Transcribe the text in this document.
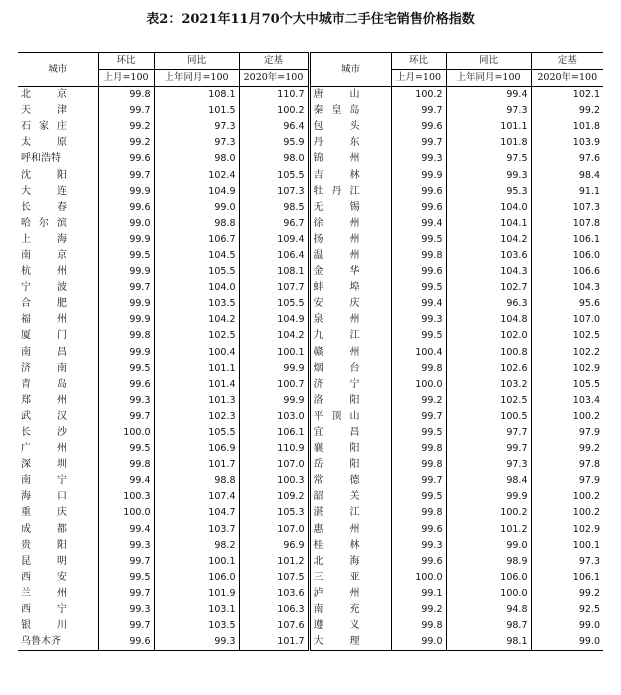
表2：2021年11月70个大中城市二手住宅销售价格指数
城市	环比	同比	定基	城市	环比	同比	定基
	上月=100	上年同月=100	2020年=100		上月=100	上年同月=100	2020年=100
北京	99.8	108.1	110.7	唐山	100.2	99.4	102.1
天津	99.7	101.5	100.2	秦皇岛	99.7	97.3	99.2
石家庄	99.2	97.3	96.4	包头	99.6	101.1	101.8
太原	99.2	97.3	95.9	丹东	99.7	101.8	103.9
呼和浩特	99.6	98.0	98.0	锦州	99.3	97.5	97.6
沈阳	99.7	102.4	105.5	吉林	99.9	99.3	98.4
大连	99.9	104.9	107.3	牡丹江	99.6	95.3	91.1
长春	99.6	99.0	98.5	无锡	99.6	104.0	107.3
哈尔滨	99.0	98.8	96.7	徐州	99.4	104.1	107.8
上海	99.9	106.7	109.4	扬州	99.5	104.2	106.1
南京	99.5	104.5	106.4	温州	99.8	103.6	106.0
杭州	99.9	105.5	108.1	金华	99.6	104.3	106.6
宁波	99.7	104.0	107.7	蚌埠	99.5	102.7	104.3
合肥	99.9	103.5	105.5	安庆	99.4	96.3	95.6
福州	99.9	104.2	104.9	泉州	99.3	104.8	107.0
厦门	99.8	102.5	104.2	九江	99.5	102.0	102.5
南昌	99.9	100.4	100.1	赣州	100.4	100.8	102.2
济南	99.5	101.1	99.9	烟台	99.8	102.6	102.9
青岛	99.6	101.4	100.7	济宁	100.0	103.2	105.5
郑州	99.3	101.3	99.9	洛阳	99.2	102.5	103.4
武汉	99.7	102.3	103.0	平顶山	99.7	100.5	100.2
长沙	100.0	105.5	106.1	宜昌	99.5	97.7	97.9
广州	99.5	106.9	110.9	襄阳	99.8	99.7	99.2
深圳	99.8	101.7	107.0	岳阳	99.8	97.3	97.8
南宁	99.4	98.8	100.3	常德	99.7	98.4	97.9
海口	100.3	107.4	109.2	韶关	99.5	99.9	100.2
重庆	100.0	104.7	105.3	湛江	99.8	100.2	100.2
成都	99.4	103.7	107.0	惠州	99.6	101.2	102.9
贵阳	99.3	98.2	96.9	桂林	99.3	99.0	100.1
昆明	99.7	100.1	101.2	北海	99.6	98.9	97.3
西安	99.5	106.0	107.5	三亚	100.0	106.0	106.1
兰州	99.7	101.9	103.6	泸州	99.1	100.0	99.2
西宁	99.3	103.1	106.3	南充	99.2	94.8	92.5
银川	99.7	103.5	107.6	遵义	99.8	98.7	99.0
乌鲁木齐	99.6	99.3	101.7	大理	99.0	98.1	99.0
